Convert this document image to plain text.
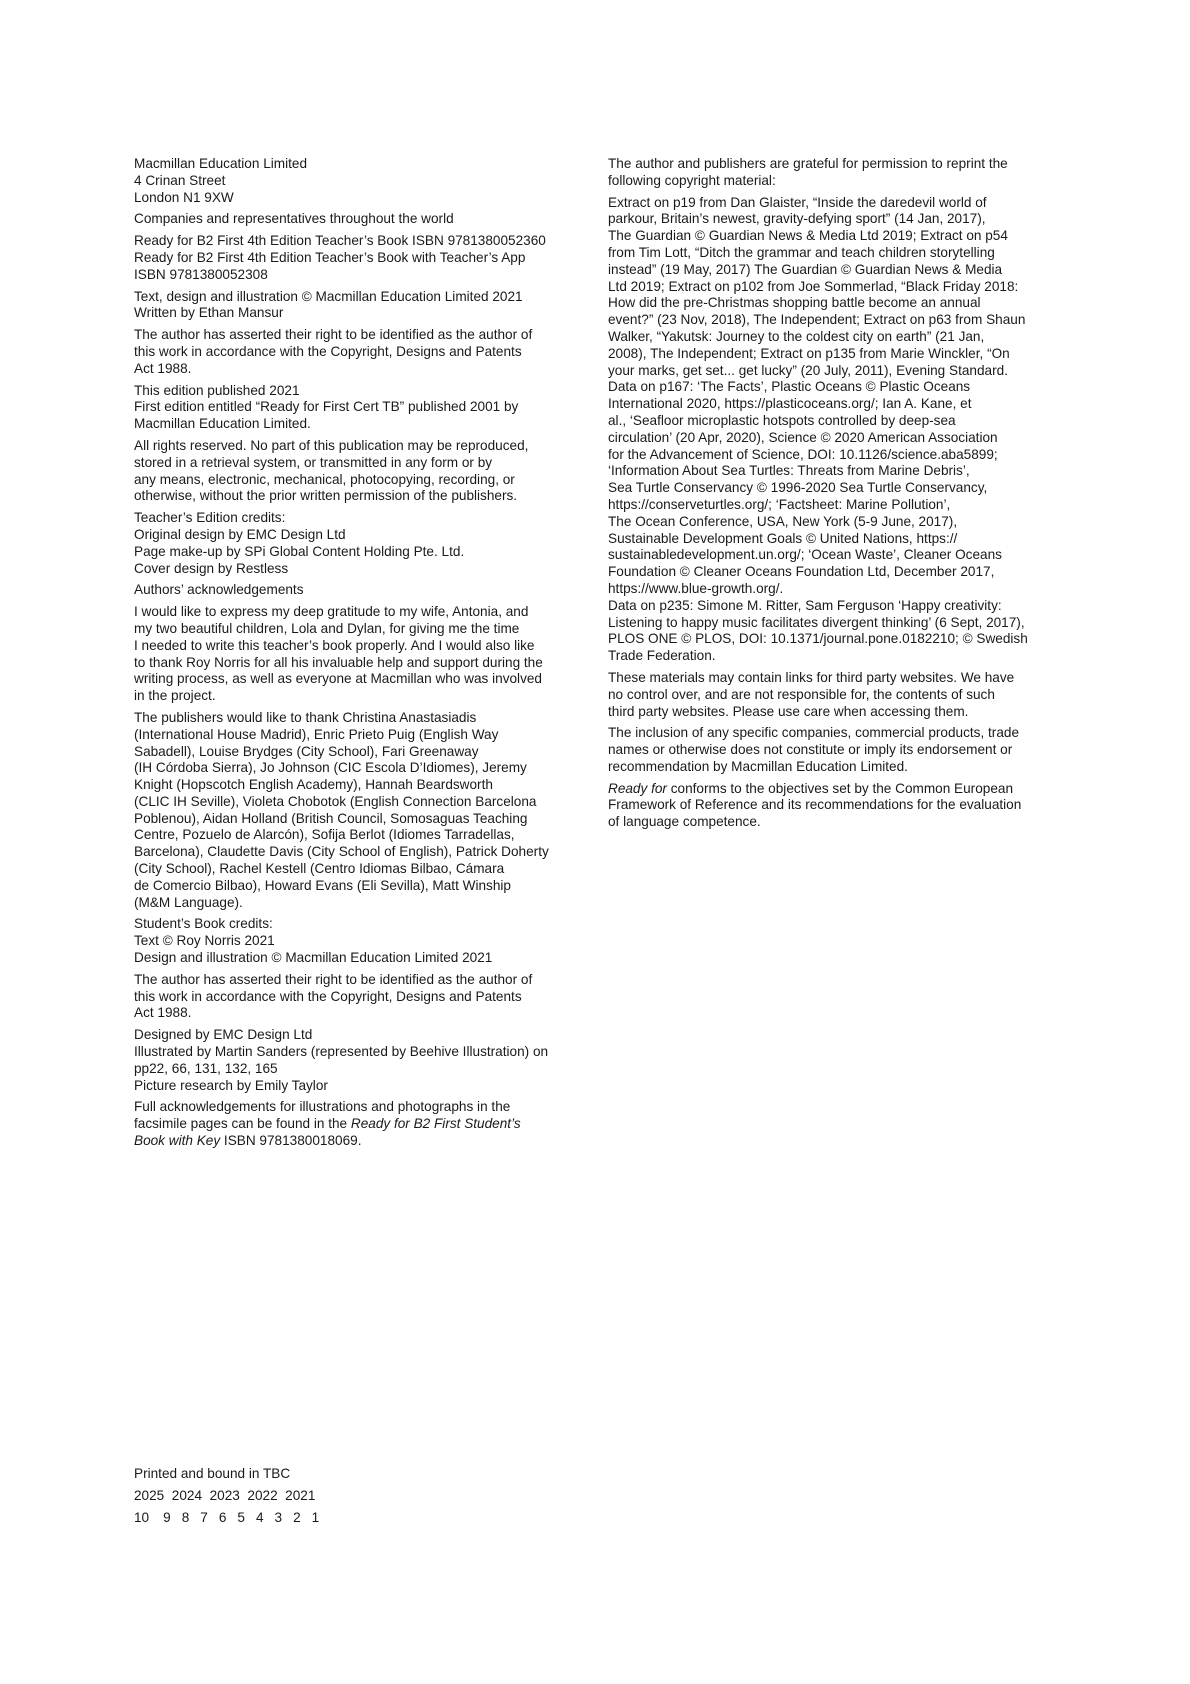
Macmillan Education Limited
4 Crinan Street
London N1 9XW
Companies and representatives throughout the world
Ready for B2 First 4th Edition Teacher’s Book ISBN 9781380052360
Ready for B2 First 4th Edition Teacher’s Book with Teacher’s App
ISBN 9781380052308
Text, design and illustration © Macmillan Education Limited 2021
Written by Ethan Mansur
The author has asserted their right to be identified as the author of
this work in accordance with the Copyright, Designs and Patents
Act 1988.
This edition published 2021
First edition entitled “Ready for First Cert TB” published 2001 by
Macmillan Education Limited.
All rights reserved. No part of this publication may be reproduced,
stored in a retrieval system, or transmitted in any form or by
any means, electronic, mechanical, photocopying, recording, or
otherwise, without the prior written permission of the publishers.
Teacher’s Edition credits:
Original design by EMC Design Ltd
Page make-up by SPi Global Content Holding Pte. Ltd.
Cover design by Restless
Authors’ acknowledgements
I would like to express my deep gratitude to my wife, Antonia, and
my two beautiful children, Lola and Dylan, for giving me the time
I needed to write this teacher’s book properly. And I would also like
to thank Roy Norris for all his invaluable help and support during the
writing process, as well as everyone at Macmillan who was involved
in the project.
The publishers would like to thank Christina Anastasiadis
(International House Madrid), Enric Prieto Puig (English Way
Sabadell), Louise Brydges (City School), Fari Greenaway
(IH Córdoba Sierra), Jo Johnson (CIC Escola D’Idiomes), Jeremy
Knight (Hopscotch English Academy), Hannah Beardsworth
(CLIC IH Seville), Violeta Chobotok (English Connection Barcelona
Poblenou), Aidan Holland (British Council, Somosaguas Teaching
Centre, Pozuelo de Alarcón), Sofija Berlot (Idiomes Tarradellas,
Barcelona), Claudette Davis (City School of English), Patrick Doherty
(City School), Rachel Kestell (Centro Idiomas Bilbao, Cámara
de Comercio Bilbao), Howard Evans (Eli Sevilla), Matt Winship
(M&M Language).
Student’s Book credits:
Text © Roy Norris 2021
Design and illustration © Macmillan Education Limited 2021
The author has asserted their right to be identified as the author of
this work in accordance with the Copyright, Designs and Patents
Act 1988.
Designed by EMC Design Ltd
Illustrated by Martin Sanders (represented by Beehive Illustration) on
pp22, 66, 131, 132, 165
Picture research by Emily Taylor
Full acknowledgements for illustrations and photographs in the
facsimile pages can be found in the Ready for B2 First Student’s
Book with Key ISBN 9781380018069.
The author and publishers are grateful for permission to reprint the
following copyright material:
Extract on p19 from Dan Glaister, “Inside the daredevil world of
parkour, Britain’s newest, gravity-defying sport” (14 Jan, 2017),
The Guardian © Guardian News & Media Ltd 2019; Extract on p54
from Tim Lott, “Ditch the grammar and teach children storytelling
instead” (19 May, 2017) The Guardian © Guardian News & Media
Ltd 2019; Extract on p102 from Joe Sommerlad, “Black Friday 2018:
How did the pre-Christmas shopping battle become an annual
event?” (23 Nov, 2018), The Independent; Extract on p63 from Shaun
Walker, “Yakutsk: Journey to the coldest city on earth” (21 Jan,
2008), The Independent; Extract on p135 from Marie Winckler, “On
your marks, get set... get lucky” (20 July, 2011), Evening Standard.
Data on p167: ‘The Facts’, Plastic Oceans © Plastic Oceans
International 2020, https://plasticoceans.org/; Ian A. Kane, et
al., ‘Seafloor microplastic hotspots controlled by deep-sea
circulation’ (20 Apr, 2020), Science © 2020 American Association
for the Advancement of Science, DOI: 10.1126/science.aba5899;
‘Information About Sea Turtles: Threats from Marine Debris’,
Sea Turtle Conservancy © 1996-2020 Sea Turtle Conservancy,
https://conserveturtles.org/; ‘Factsheet: Marine Pollution’,
The Ocean Conference, USA, New York (5-9 June, 2017),
Sustainable Development Goals © United Nations, https://
sustainabledevelopment.un.org/; ‘Ocean Waste’, Cleaner Oceans
Foundation © Cleaner Oceans Foundation Ltd, December 2017,
https://www.blue-growth.org/.
Data on p235: Simone M. Ritter, Sam Ferguson ‘Happy creativity:
Listening to happy music facilitates divergent thinking’ (6 Sept, 2017),
PLOS ONE © PLOS, DOI: 10.1371/journal.pone.0182210; © Swedish
Trade Federation.
These materials may contain links for third party websites. We have
no control over, and are not responsible for, the contents of such
third party websites. Please use care when accessing them.
The inclusion of any specific companies, commercial products, trade
names or otherwise does not constitute or imply its endorsement or
recommendation by Macmillan Education Limited.
Ready for conforms to the objectives set by the Common European
Framework of Reference and its recommendations for the evaluation
of language competence.
Printed and bound in TBC
2025  2024  2023  2022  2021
10 9 8 7 6 5 4 3 2 1
